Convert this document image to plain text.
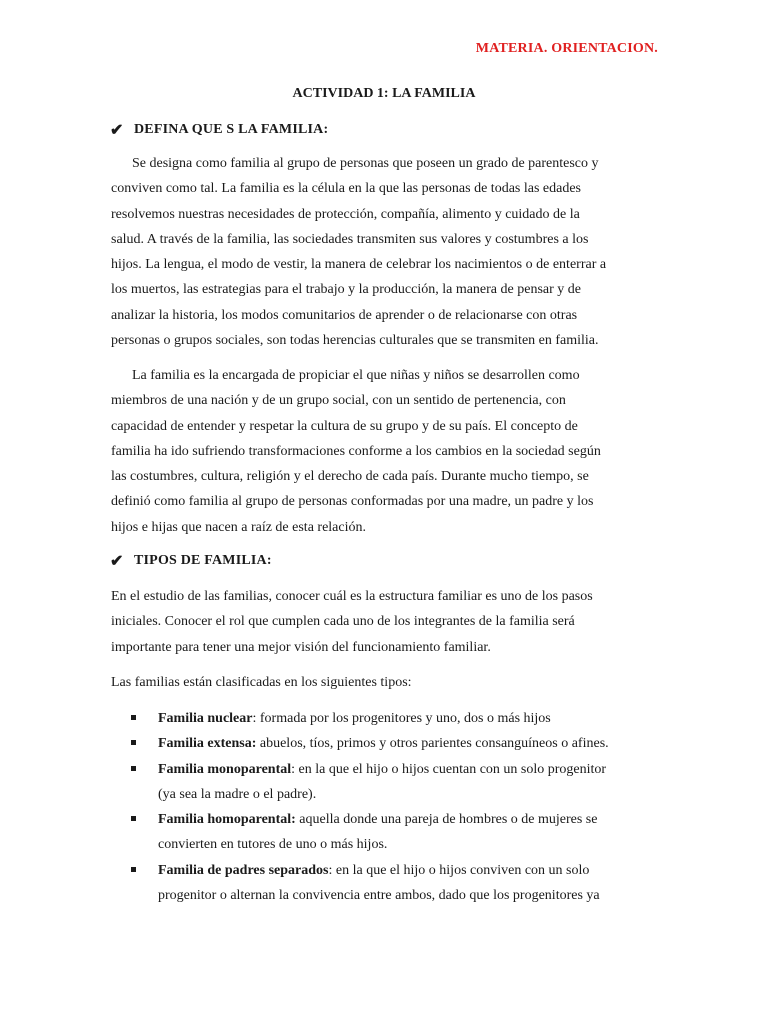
MATERIA. ORIENTACION.
ACTIVIDAD 1: LA FAMILIA
✔ DEFINA QUE S LA FAMILIA:

Se designa como familia al grupo de personas que poseen un grado de parentesco y
conviven como tal. La familia es la célula en la que las personas de todas las edades
resolvemos nuestras necesidades de protección, compañía, alimento y cuidado de la
salud. A través de la familia, las sociedades transmiten sus valores y costumbres a los
hijos. La lengua, el modo de vestir, la manera de celebrar los nacimientos o de enterrar a
los muertos, las estrategias para el trabajo y la producción, la manera de pensar y de
analizar la historia, los modos comunitarios de aprender o de relacionarse con otras
personas o grupos sociales, son todas herencias culturales que se transmiten en familia.

La familia es la encargada de propiciar el que niñas y niños se desarrollen como
miembros de una nación y de un grupo social, con un sentido de pertenencia, con
capacidad de entender y respetar la cultura de su grupo y de su país. El concepto de
familia ha ido sufriendo transformaciones conforme a los cambios en la sociedad según
las costumbres, cultura, religión y el derecho de cada país. Durante mucho tiempo, se
definió como familia al grupo de personas conformadas por una madre, un padre y los
hijos e hijas que nacen a raíz de esta relación.

✔ TIPOS DE FAMILIA:

En el estudio de las familias, conocer cuál es la estructura familiar es uno de los pasos
iniciales. Conocer el rol que cumplen cada uno de los integrantes de la familia será
importante para tener una mejor visión del funcionamiento familiar.

Las familias están clasificadas en los siguientes tipos:

Familia nuclear: formada por los progenitores y uno, dos o más hijos
Familia extensa: abuelos, tíos, primos y otros parientes consanguíneos o afines.
Familia monoparental: en la que el hijo o hijos cuentan con un solo progenitor
(ya sea la madre o el padre).
Familia homoparental: aquella donde una pareja de hombres o de mujeres se
convierten en tutores de uno o más hijos.
Familia de padres separados: en la que el hijo o hijos conviven con un solo
progenitor o alternan la convivencia entre ambos, dado que los progenitores ya
